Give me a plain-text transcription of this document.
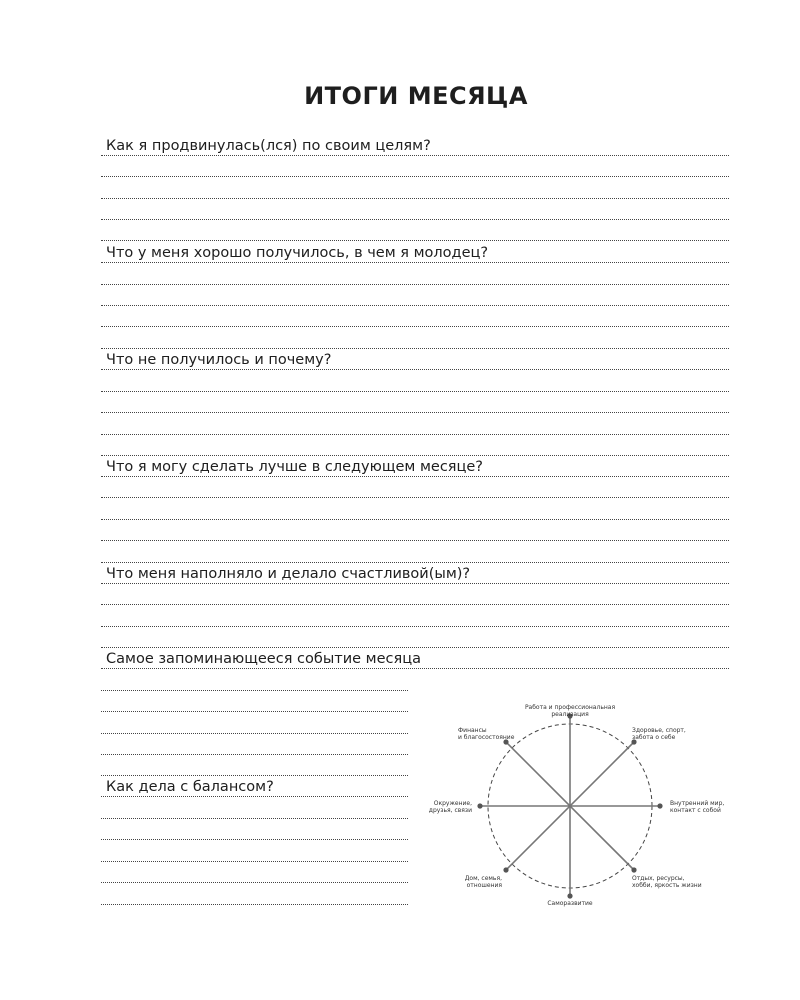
ИТОГИ МЕСЯЦА
Как я продвинулась(лся) по своим целям?
Что у меня хорошо получилось, в чем я молодец?
Что не получилось и почему?
Что я могу сделать лучше в следующем месяце?
Что меня наполняло и делало счастливой(ым)?
Самое запоминающееся событие месяца
Как дела с балансом?
Работа и профессиональная
реализация
Здоровье, спорт,
забота о себе
Внутренний мир,
контакт с собой
Отдых, ресурсы,
хобби, яркость жизни
Саморазвитие
Дом, семья,
отношения
Окружение,
друзья, связи
Финансы
и благосостояние
